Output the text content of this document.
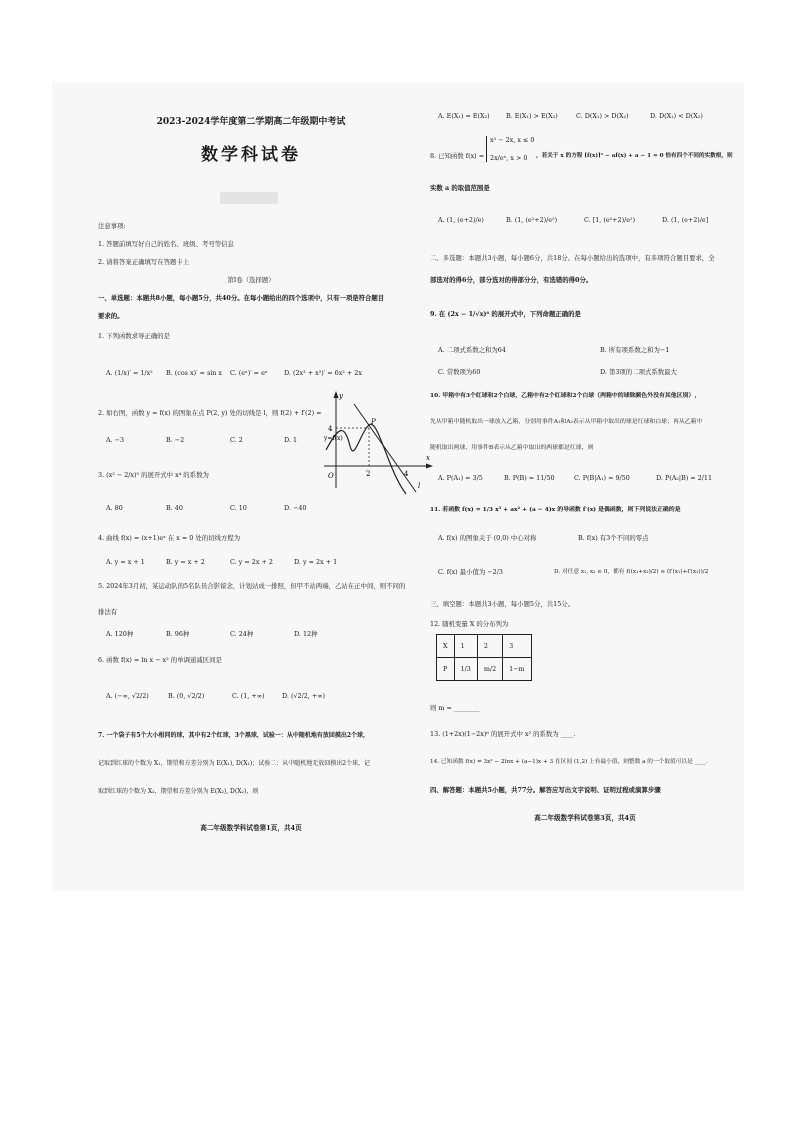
2023-2024学年度第二学期高二年级期中考试
数学科试卷
注意事项:
1. 答题前填写好自己的姓名、班级、考号等信息
2. 请将答案正确填写在答题卡上
第Ⅰ卷（选择题）
一、单选题：本题共8小题，每小题5分，共40分。在每小题给出的四个选项中，只有一项是符合题目
要求的。
1. 下列函数求导正确的是
A. (1/x)′ = 1/x² B. (cos x)′ = sin x C. (eˣ)′ = eˣ	D. (2x³ + x²)′ = 6x² + 2x
2. 如右图，函数 y = f(x) 的图象在点 P(2, y) 处的切线是 l，则 f(2) + f′(2) =
A. −3	B. −2	C. 2	D. 1
y
x
O
y=f(x)
P
l
4
2	4
3. (x² − 2/x)⁵ 的展开式中 x⁴ 的系数为
A. 80	B. 40	C. 10	D. −40
4. 曲线 f(x) = (x+1)eˣ 在 x = 0 处的切线方程为
A. y = x + 1	B. y = x + 2	C. y = 2x + 2	D. y = 2x + 1
5. 2024年3月初，某运动队的5名队员合影留念，计划站成一排照，但甲不站两端，乙站在正中间，则不同的
排法有
A. 120种	B. 96种	C. 24种	D. 12种
6. 函数 f(x) = ln x − x² 的单调递减区间是
A. (−∞, √2/2)	B. (0, √2/2)	C. (1, +∞)	D. (√2/2, +∞)
7. 一个袋子有5个大小相同的球，其中有2个红球，3个黑球，试验一：从中随机地有放回摸出2个球，
记取到红球的个数为 X₁，期望和方差分别为 E(X₁), D(X₁)；试验二：从中随机地无放回摸出2个球，记
取到红球的个数为 X₂，期望和方差分别为 E(X₂), D(X₂)，则
高二年级数学科试卷第1页，共4页
A. E(X₁) = E(X₂)	B. E(X₁) > E(X₂)	C. D(X₁) > D(X₂)	D. D(X₁) < D(X₂)
8. 已知函数 f(x) =
x² − 2x, x ≤ 0
2x/eˣ, x > 0	，若关于 x 的方程 [f(x)]² − af(x) + a − 1 = 0 恰有四个不同的实数根，则
实数 a 的取值范围是
A. (1, (e+2)/e)	B. (1, (e²+2)/e²)	C. [1, (e²+2)/e²)	D. (1, (e+2)/e]
二、多选题：本题共3小题，每小题6分，共18分。在每小题给出的选项中，有多项符合题目要求，全
部选对的得6分，部分选对的得部分分，有选错的得0分。
9. 在 (2x − 1/√x)⁶ 的展开式中，下列命题正确的是
A. 二项式系数之和为64	B. 所有项系数之和为−1
C. 常数项为60	D. 第3项的二项式系数最大
10. 甲箱中有3个红球和2个白球，乙箱中有2个红球和2个白球（两箱中的球除颜色外没有其他区别），
先从甲箱中随机取出一球放入乙箱，分别用事件A₁和A₂表示从甲箱中取出的球是红球和白球；再从乙箱中
随机取出两球，用事件B表示从乙箱中取出的两球都是红球，则
A. P(A₁) = 3/5	B. P(B) = 11/50	C. P(B|A₁) = 9/50	D. P(A₂|B) = 2/11
11. 若函数 f(x) = 1/3 x³ + ax² + (a − 4)x 的导函数 f′(x) 是偶函数，则下列说法正确的是
A. f(x) 的图象关于 (0,0) 中心对称	B. f(x) 有3个不同的零点
C. f(x) 最小值为 −2/3	D. 对任意 x₁, x₂ ≥ 0，都有 f((x₁+x₂)/2) ≤ (f′(x₁)+f′(x₂))/2
三、填空题：本题共3小题，每小题5分，共15分。
12. 随机变量 X 的分布列为
X	1	2	3
P	1/3	m/2	1−m
则 m = ________
13. (1+2x)(1−2x)⁶ 的展开式中 x² 的系数为 ____.
14. 已知函数 f(x) = 3x² − 2lnx + (a−1)x + 3 在区间 (1,2) 上有最小值，则整数 a 的一个取值可以是 ____.
四、解答题：本题共5小题，共77分。解答应写出文字说明、证明过程或演算步骤
高二年级数学科试卷第3页，共4页
